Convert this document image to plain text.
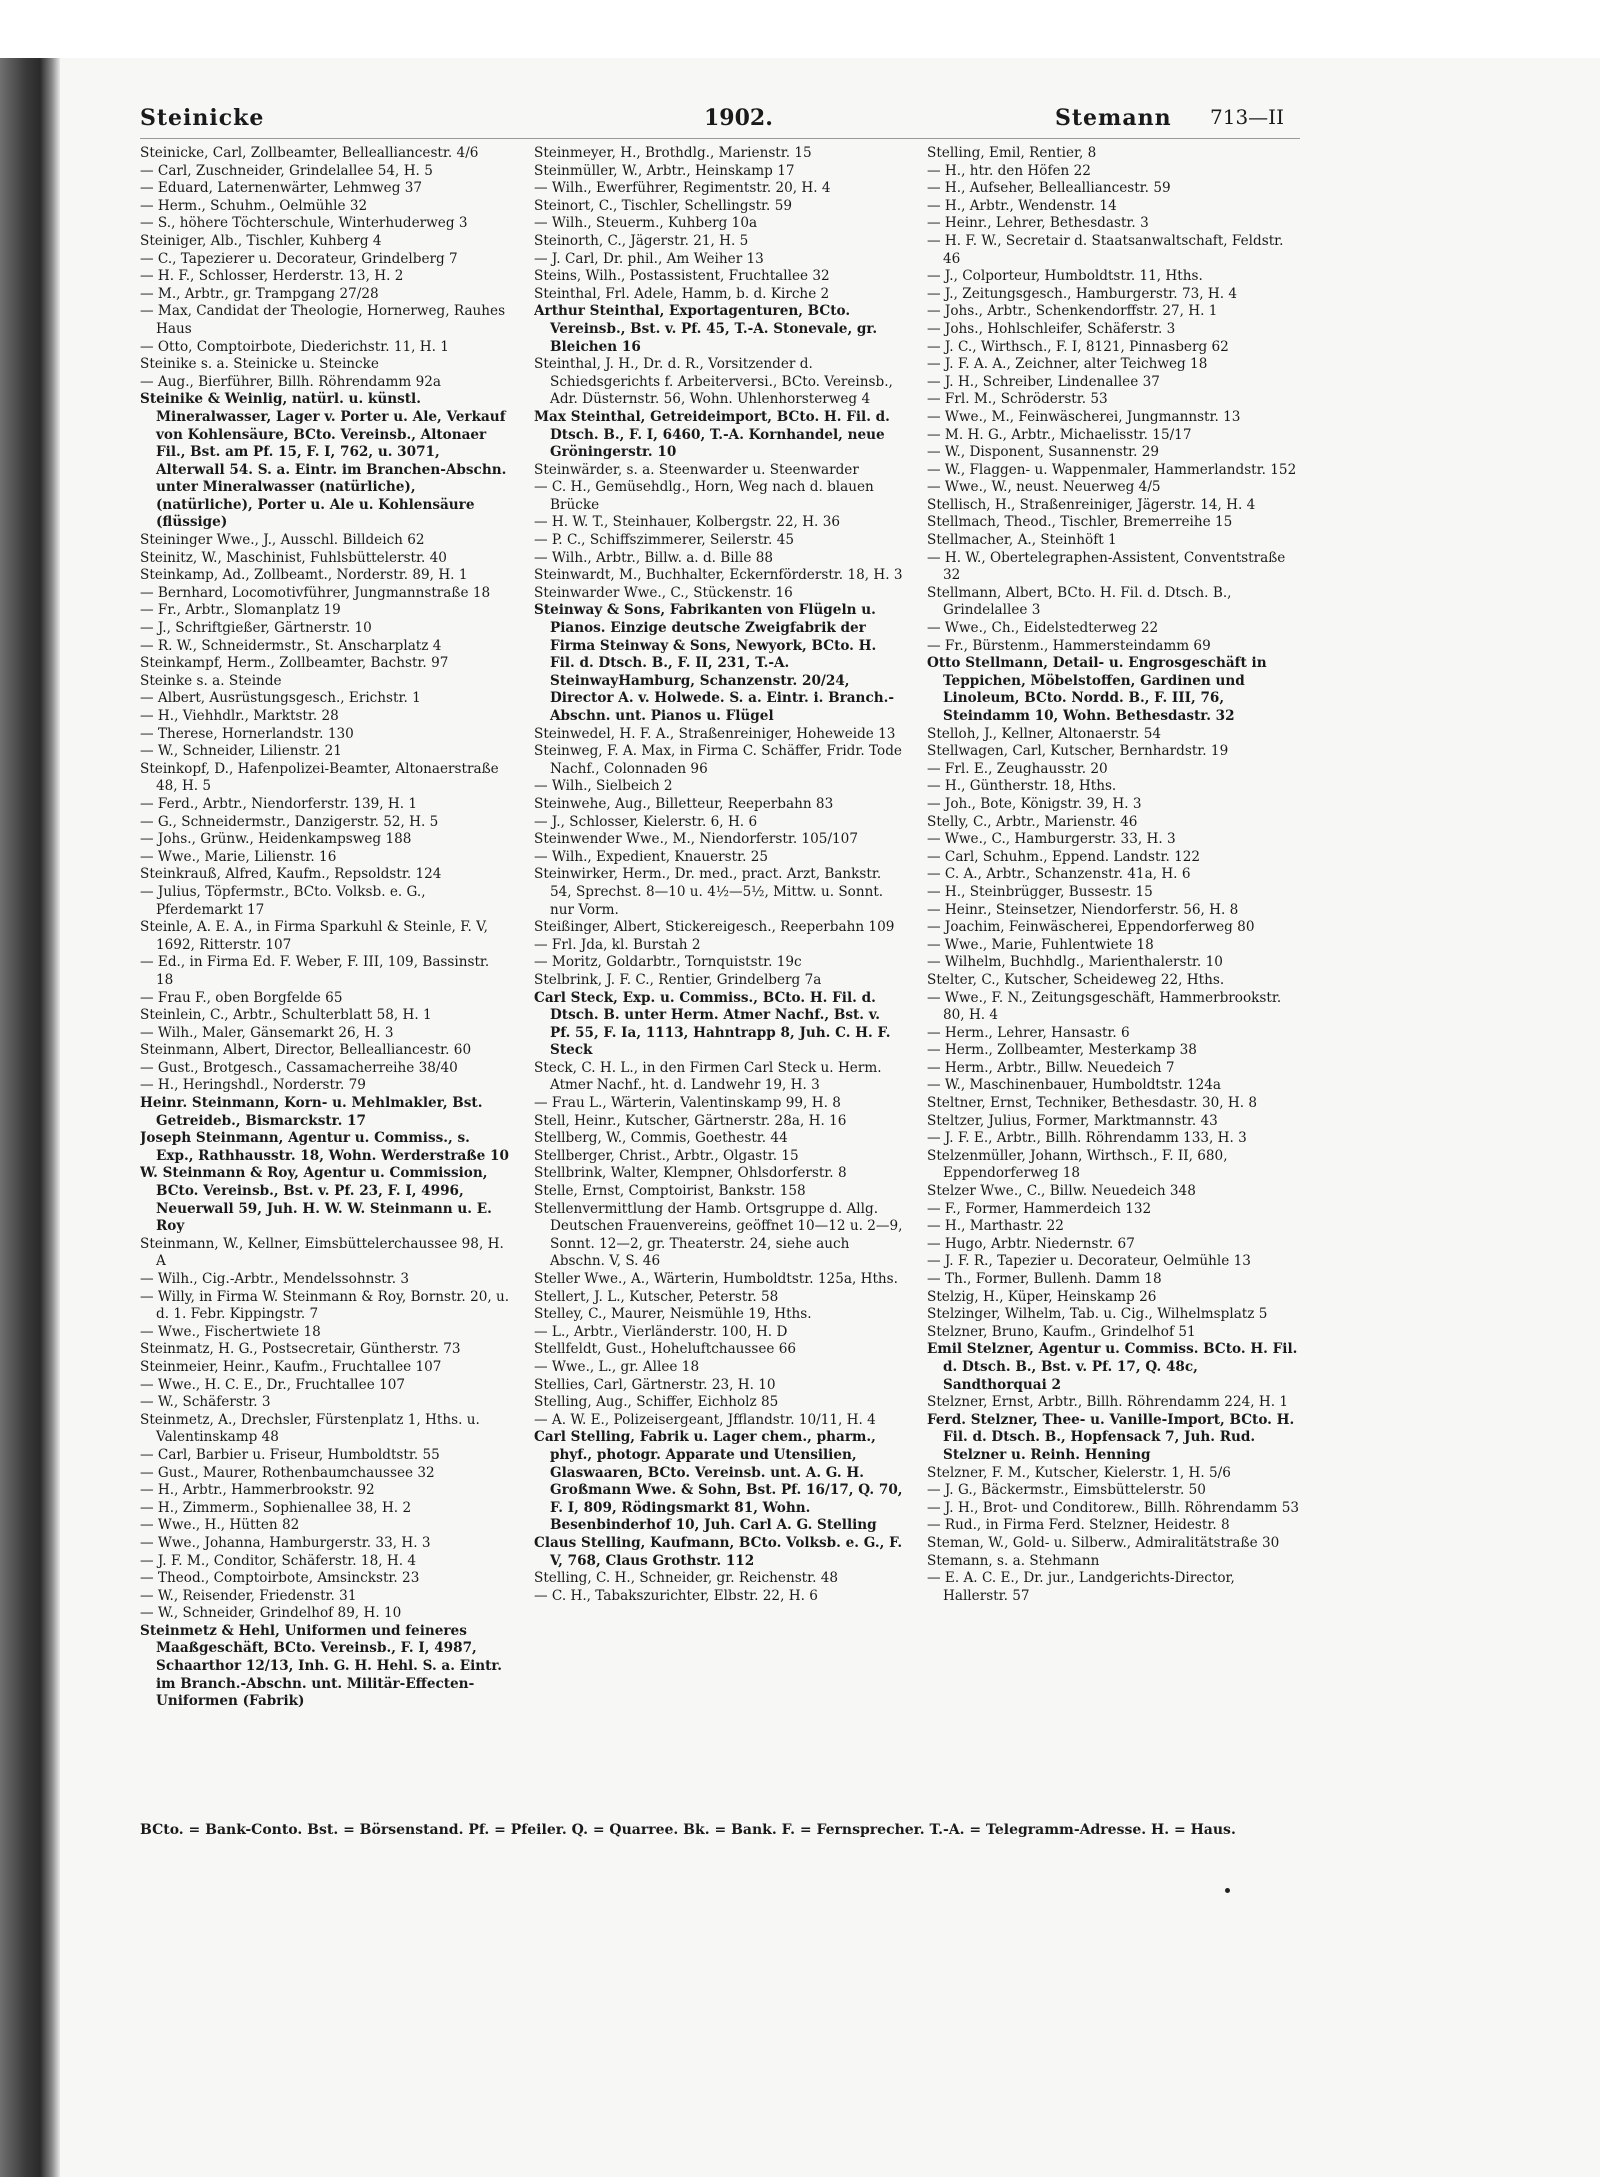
Steinicke	1902.	Stemann 713—II

Steinicke, Carl, Zollbeamter, Bellealliancestr. 4/6

— Carl, Zuschneider, Grindelallee 54, H. 5

— Eduard, Laternenwärter, Lehmweg 37

— Herm., Schuhm., Oelmühle 32

— S., höhere Töchterschule, Winterhuderweg 3

Steiniger, Alb., Tischler, Kuhberg 4

— C., Tapezierer u. Decorateur, Grindelberg 7

— H. F., Schlosser, Herderstr. 13, H. 2

— M., Arbtr., gr. Trampgang 27/28

— Max, Candidat der Theologie, Hornerweg, Rauhes Haus

— Otto, Comptoirbote, Diederichstr. 11, H. 1

Steinike s. a. Steinicke u. Steincke

— Aug., Bierführer, Billh. Röhrendamm 92a

Steinike & Weinlig, natürl. u. künstl. Mineralwasser, Lager v. Porter u. Ale, Verkauf von Kohlensäure, BCto. Vereinsb., Altonaer Fil., Bst. am Pf. 15, F. I, 762, u. 3071, Alterwall 54. S. a. Eintr. im Branchen-Abschn. unter Mineralwasser (natürliche), (natürliche), Porter u. Ale u. Kohlensäure (flüssige)

Steininger Wwe., J., Ausschl. Billdeich 62

Steinitz, W., Maschinist, Fuhlsbüttelerstr. 40

Steinkamp, Ad., Zollbeamt., Norderstr. 89, H. 1

— Bernhard, Locomotivführer, Jungmannstraße 18

— Fr., Arbtr., Slomanplatz 19

— J., Schriftgießer, Gärtnerstr. 10

— R. W., Schneidermstr., St. Anscharplatz 4

Steinkampf, Herm., Zollbeamter, Bachstr. 97

Steinke s. a. Steinde

— Albert, Ausrüstungsgesch., Erichstr. 1

— H., Viehhdlr., Marktstr. 28

— Therese, Hornerlandstr. 130

— W., Schneider, Lilienstr. 21

Steinkopf, D., Hafenpolizei-Beamter, Altonaerstraße 48, H. 5

— Ferd., Arbtr., Niendorferstr. 139, H. 1

— G., Schneidermstr., Danzigerstr. 52, H. 5

— Johs., Grünw., Heidenkampsweg 188

— Wwe., Marie, Lilienstr. 16

Steinkrauß, Alfred, Kaufm., Repsoldstr. 124

— Julius, Töpfermstr., BCto. Volksb. e. G., Pferdemarkt 17

Steinle, A. E. A., in Firma Sparkuhl & Steinle, F. V, 1692, Ritterstr. 107

— Ed., in Firma Ed. F. Weber, F. III, 109, Bassinstr. 18

— Frau F., oben Borgfelde 65

Steinlein, C., Arbtr., Schulterblatt 58, H. 1

— Wilh., Maler, Gänsemarkt 26, H. 3

Steinmann, Albert, Director, Bellealliancestr. 60

— Gust., Brotgesch., Cassamacherreihe 38/40

— H., Heringshdl., Norderstr. 79

Heinr. Steinmann, Korn- u. Mehlmakler, Bst. Getreideb., Bismarckstr. 17

Joseph Steinmann, Agentur u. Commiss., s. Exp., Rathhausstr. 18, Wohn. Werderstraße 10

W. Steinmann & Roy, Agentur u. Commission, BCto. Vereinsb., Bst. v. Pf. 23, F. I, 4996, Neuerwall 59, Juh. H. W. W. Steinmann u. E. Roy

Steinmann, W., Kellner, Eimsbüttelerchaussee 98, H. A

— Wilh., Cig.-Arbtr., Mendelssohnstr. 3

— Willy, in Firma W. Steinmann & Roy, Bornstr. 20, u. d. 1. Febr. Kippingstr. 7

— Wwe., Fischertwiete 18

Steinmatz, H. G., Postsecretair, Güntherstr. 73

Steinmeier, Heinr., Kaufm., Fruchtallee 107

— Wwe., H. C. E., Dr., Fruchtallee 107

— W., Schäferstr. 3

Steinmetz, A., Drechsler, Fürstenplatz 1, Hths. u. Valentinskamp 48

— Carl, Barbier u. Friseur, Humboldtstr. 55

— Gust., Maurer, Rothenbaumchaussee 32

— H., Arbtr., Hammerbrookstr. 92

— H., Zimmerm., Sophienallee 38, H. 2

— Wwe., H., Hütten 82

— Wwe., Johanna, Hamburgerstr. 33, H. 3

— J. F. M., Conditor, Schäferstr. 18, H. 4

— Theod., Comptoirbote, Amsinckstr. 23

— W., Reisender, Friedenstr. 31

— W., Schneider, Grindelhof 89, H. 10

Steinmetz & Hehl, Uniformen und feineres Maaßgeschäft, BCto. Vereinsb., F. I, 4987, Schaarthor 12/13, Inh. G. H. Hehl. S. a. Eintr. im Branch.-Abschn. unt. Militär-Effecten-Uniformen (Fabrik)

Steinmeyer, H., Brothdlg., Marienstr. 15

Steinmüller, W., Arbtr., Heinskamp 17

— Wilh., Ewerführer, Regimentstr. 20, H. 4

Steinort, C., Tischler, Schellingstr. 59

— Wilh., Steuerm., Kuhberg 10a

Steinorth, C., Jägerstr. 21, H. 5

— J. Carl, Dr. phil., Am Weiher 13

Steins, Wilh., Postassistent, Fruchtallee 32

Steinthal, Frl. Adele, Hamm, b. d. Kirche 2

Arthur Steinthal, Exportagenturen, BCto. Vereinsb., Bst. v. Pf. 45, T.-A. Stonevale, gr. Bleichen 16

Steinthal, J. H., Dr. d. R., Vorsitzender d. Schiedsgerichts f. Arbeiterversi., BCto. Vereinsb., Adr. Düsternstr. 56, Wohn. Uhlenhorsterweg 4

Max Steinthal, Getreideimport, BCto. H. Fil. d. Dtsch. B., F. I, 6460, T.-A. Kornhandel, neue Gröningerstr. 10

Steinwärder, s. a. Steenwarder u. Steenwarder

— C. H., Gemüsehdlg., Horn, Weg nach d. blauen Brücke

— H. W. T., Steinhauer, Kolbergstr. 22, H. 36

— P. C., Schiffszimmerer, Seilerstr. 45

— Wilh., Arbtr., Billw. a. d. Bille 88

Steinwardt, M., Buchhalter, Eckernförderstr. 18, H. 3

Steinwarder Wwe., C., Stückenstr. 16

Steinway & Sons, Fabrikanten von Flügeln u. Pianos. Einzige deutsche Zweigfabrik der Firma Steinway & Sons, Newyork, BCto. H. Fil. d. Dtsch. B., F. II, 231, T.-A. SteinwayHamburg, Schanzenstr. 20/24, Director A. v. Holwede. S. a. Eintr. i. Branch.-Abschn. unt. Pianos u. Flügel

Steinwedel, H. F. A., Straßenreiniger, Hoheweide 13

Steinweg, F. A. Max, in Firma C. Schäffer, Fridr. Tode Nachf., Colonnaden 96

— Wilh., Sielbeich 2

Steinwehe, Aug., Billetteur, Reeperbahn 83

— J., Schlosser, Kielerstr. 6, H. 6

Steinwender Wwe., M., Niendorferstr. 105/107

— Wilh., Expedient, Knauerstr. 25

Steinwirker, Herm., Dr. med., pract. Arzt, Bankstr. 54, Sprechst. 8—10 u. 4½—5½, Mittw. u. Sonnt. nur Vorm.

Steißinger, Albert, Stickereigesch., Reeperbahn 109

— Frl. Jda, kl. Burstah 2

— Moritz, Goldarbtr., Tornquiststr. 19c

Stelbrink, J. F. C., Rentier, Grindelberg 7a

Carl Steck, Exp. u. Commiss., BCto. H. Fil. d. Dtsch. B. unter Herm. Atmer Nachf., Bst. v. Pf. 55, F. Ia, 1113, Hahntrapp 8, Juh. C. H. F. Steck

Steck, C. H. L., in den Firmen Carl Steck u. Herm. Atmer Nachf., ht. d. Landwehr 19, H. 3

— Frau L., Wärterin, Valentinskamp 99, H. 8

Stell, Heinr., Kutscher, Gärtnerstr. 28a, H. 16

Stellberg, W., Commis, Goethestr. 44

Stellberger, Christ., Arbtr., Olgastr. 15

Stellbrink, Walter, Klempner, Ohlsdorferstr. 8

Stelle, Ernst, Comptoirist, Bankstr. 158

Stellenvermittlung der Hamb. Ortsgruppe d. Allg. Deutschen Frauenvereins, geöffnet 10—12 u. 2—9, Sonnt. 12—2, gr. Theaterstr. 24, siehe auch Abschn. V, S. 46

Steller Wwe., A., Wärterin, Humboldtstr. 125a, Hths.

Stellert, J. L., Kutscher, Peterstr. 58

Stelley, C., Maurer, Neismühle 19, Hths.

— L., Arbtr., Vierländerstr. 100, H. D

Stellfeldt, Gust., Hoheluftchaussee 66

— Wwe., L., gr. Allee 18

Stellies, Carl, Gärtnerstr. 23, H. 10

Stelling, Aug., Schiffer, Eichholz 85

— A. W. E., Polizeisergeant, Jfflandstr. 10/11, H. 4

Carl Stelling, Fabrik u. Lager chem., pharm., phyf., photogr. Apparate und Utensilien, Glaswaaren, BCto. Vereinsb. unt. A. G. H. Großmann Wwe. & Sohn, Bst. Pf. 16/17, Q. 70, F. I, 809, Rödingsmarkt 81, Wohn. Besenbinderhof 10, Juh. Carl A. G. Stelling

Claus Stelling, Kaufmann, BCto. Volksb. e. G., F. V, 768, Claus Grothstr. 112

Stelling, C. H., Schneider, gr. Reichenstr. 48

— C. H., Tabakszurichter, Elbstr. 22, H. 6

Stelling, Emil, Rentier, 8

— H., htr. den Höfen 22

— H., Aufseher, Bellealliancestr. 59

— H., Arbtr., Wendenstr. 14

— Heinr., Lehrer, Bethesdastr. 3

— H. F. W., Secretair d. Staatsanwaltschaft, Feldstr. 46

— J., Colporteur, Humboldtstr. 11, Hths.

— J., Zeitungsgesch., Hamburgerstr. 73, H. 4

— Johs., Arbtr., Schenkendorffstr. 27, H. 1

— Johs., Hohlschleifer, Schäferstr. 3

— J. C., Wirthsch., F. I, 8121, Pinnasberg 62

— J. F. A. A., Zeichner, alter Teichweg 18

— J. H., Schreiber, Lindenallee 37

— Frl. M., Schröderstr. 53

— Wwe., M., Feinwäscherei, Jungmannstr. 13

— M. H. G., Arbtr., Michaelisstr. 15/17

— W., Disponent, Susannenstr. 29

— W., Flaggen- u. Wappenmaler, Hammerlandstr. 152

— Wwe., W., neust. Neuerweg 4/5

Stellisch, H., Straßenreiniger, Jägerstr. 14, H. 4

Stellmach, Theod., Tischler, Bremerreihe 15

Stellmacher, A., Steinhöft 1

— H. W., Obertelegraphen-Assistent, Conventstraße 32

Stellmann, Albert, BCto. H. Fil. d. Dtsch. B., Grindelallee 3

— Wwe., Ch., Eidelstedterweg 22

— Fr., Bürstenm., Hammersteindamm 69

Otto Stellmann, Detail- u. Engrosgeschäft in Teppichen, Möbelstoffen, Gardinen und Linoleum, BCto. Nordd. B., F. III, 76, Steindamm 10, Wohn. Bethesdastr. 32

Stelloh, J., Kellner, Altonaerstr. 54

Stellwagen, Carl, Kutscher, Bernhardstr. 19

— Frl. E., Zeughausstr. 20

— H., Güntherstr. 18, Hths.

— Joh., Bote, Königstr. 39, H. 3

Stelly, C., Arbtr., Marienstr. 46

— Wwe., C., Hamburgerstr. 33, H. 3

— Carl, Schuhm., Eppend. Landstr. 122

— C. A., Arbtr., Schanzenstr. 41a, H. 6

— H., Steinbrügger, Bussestr. 15

— Heinr., Steinsetzer, Niendorferstr. 56, H. 8

— Joachim, Feinwäscherei, Eppendorferweg 80

— Wwe., Marie, Fuhlentwiete 18

— Wilhelm, Buchhdlg., Marienthalerstr. 10

Stelter, C., Kutscher, Scheideweg 22, Hths.

— Wwe., F. N., Zeitungsgeschäft, Hammerbrookstr. 80, H. 4

— Herm., Lehrer, Hansastr. 6

— Herm., Zollbeamter, Mesterkamp 38

— Herm., Arbtr., Billw. Neuedeich 7

— W., Maschinenbauer, Humboldtstr. 124a

Steltner, Ernst, Techniker, Bethesdastr. 30, H. 8

Steltzer, Julius, Former, Marktmannstr. 43

— J. F. E., Arbtr., Billh. Röhrendamm 133, H. 3

Stelzenmüller, Johann, Wirthsch., F. II, 680, Eppendorferweg 18

Stelzer Wwe., C., Billw. Neuedeich 348

— F., Former, Hammerdeich 132

— H., Marthastr. 22

— Hugo, Arbtr. Niedernstr. 67

— J. F. R., Tapezier u. Decorateur, Oelmühle 13

— Th., Former, Bullenh. Damm 18

Stelzig, H., Küper, Heinskamp 26

Stelzinger, Wilhelm, Tab. u. Cig., Wilhelmsplatz 5

Stelzner, Bruno, Kaufm., Grindelhof 51

Emil Stelzner, Agentur u. Commiss. BCto. H. Fil. d. Dtsch. B., Bst. v. Pf. 17, Q. 48c, Sandthorquai 2

Stelzner, Ernst, Arbtr., Billh. Röhrendamm 224, H. 1

Ferd. Stelzner, Thee- u. Vanille-Import, BCto. H. Fil. d. Dtsch. B., Hopfensack 7, Juh. Rud. Stelzner u. Reinh. Henning

Stelzner, F. M., Kutscher, Kielerstr. 1, H. 5/6

— J. G., Bäckermstr., Eimsbüttelerstr. 50

— J. H., Brot- und Conditorew., Billh. Röhrendamm 53

— Rud., in Firma Ferd. Stelzner, Heidestr. 8

Steman, W., Gold- u. Silberw., Admiralitätstraße 30

Stemann, s. a. Stehmann

— E. A. C. E., Dr. jur., Landgerichts-Director, Hallerstr. 57

BCto. = Bank-Conto. Bst. = Börsenstand. Pf. = Pfeiler. Q. = Quarree. Bk. = Bank. F. = Fernsprecher. T.-A. = Telegramm-Adresse. H. = Haus.
